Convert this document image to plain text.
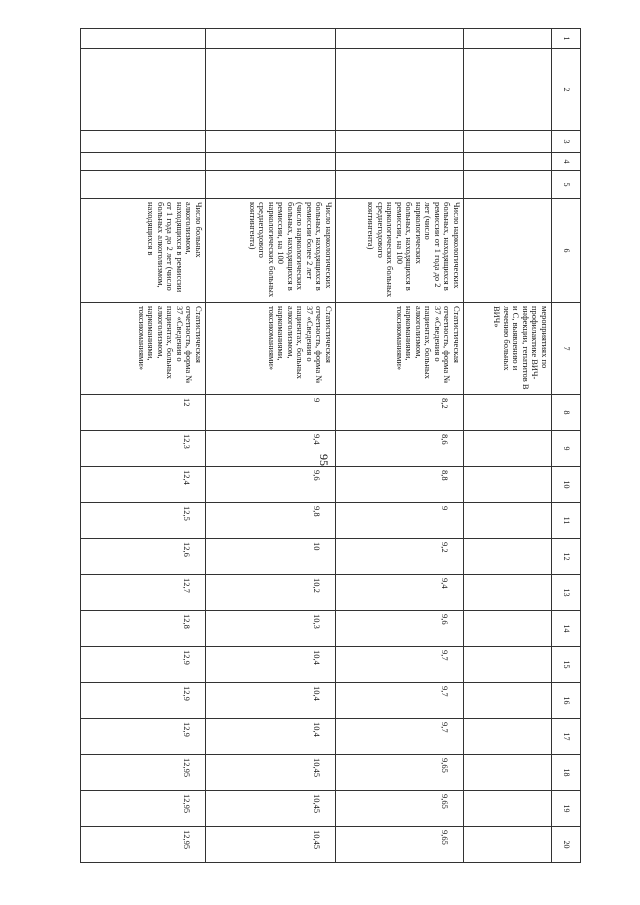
95
1	2	3	4	5	6	7	8	9	10	11	12	13	14	15	16	17	18	19	20
						мероприятиях по профилактике ВИЧ-инфекции, гепатитов В и С, выявлению и лечению больных ВИЧ»													
					Число наркологических больных, находящихся в ремиссии от 1 года до 2 лет (число наркологических больных, находящихся в ремиссии, на 100 наркологических больных среднегодового контингента)	Статистическая отчетность, форма № 37 «Сведения о пациентах, больных алкоголизмом, наркоманиями, токсикоманиями»	8,2	8,6	8,8	9	9,2	9,4	9,6	9,7	9,7	9,7	9,65	9,65	9,65
					Число наркологических больных, находящихся в ремиссии более 2 лет (число наркологических больных, находящихся в ремиссии, на 100 наркологических больных среднегодового контингента)	Статистическая отчетность, форма № 37 «Сведения о пациентах, больных алкоголизмом, наркоманиями, токсикоманиями»	9	9,4	9,6	9,8	10	10,2	10,3	10,4	10,4	10,4	10,45	10,45	10,45
					Число больных алкоголизмом, находящихся в ремиссии от 1 года до 2 лет (число больных алкоголизмом, находящихся в	Статистическая отчетность, форма № 37 «Сведения о пациентах, больных алкоголизмом, наркоманиями, токсикоманиями»	12	12,3	12,4	12,5	12,6	12,7	12,8	12,9	12,9	12,9	12,95	12,95	12,95
